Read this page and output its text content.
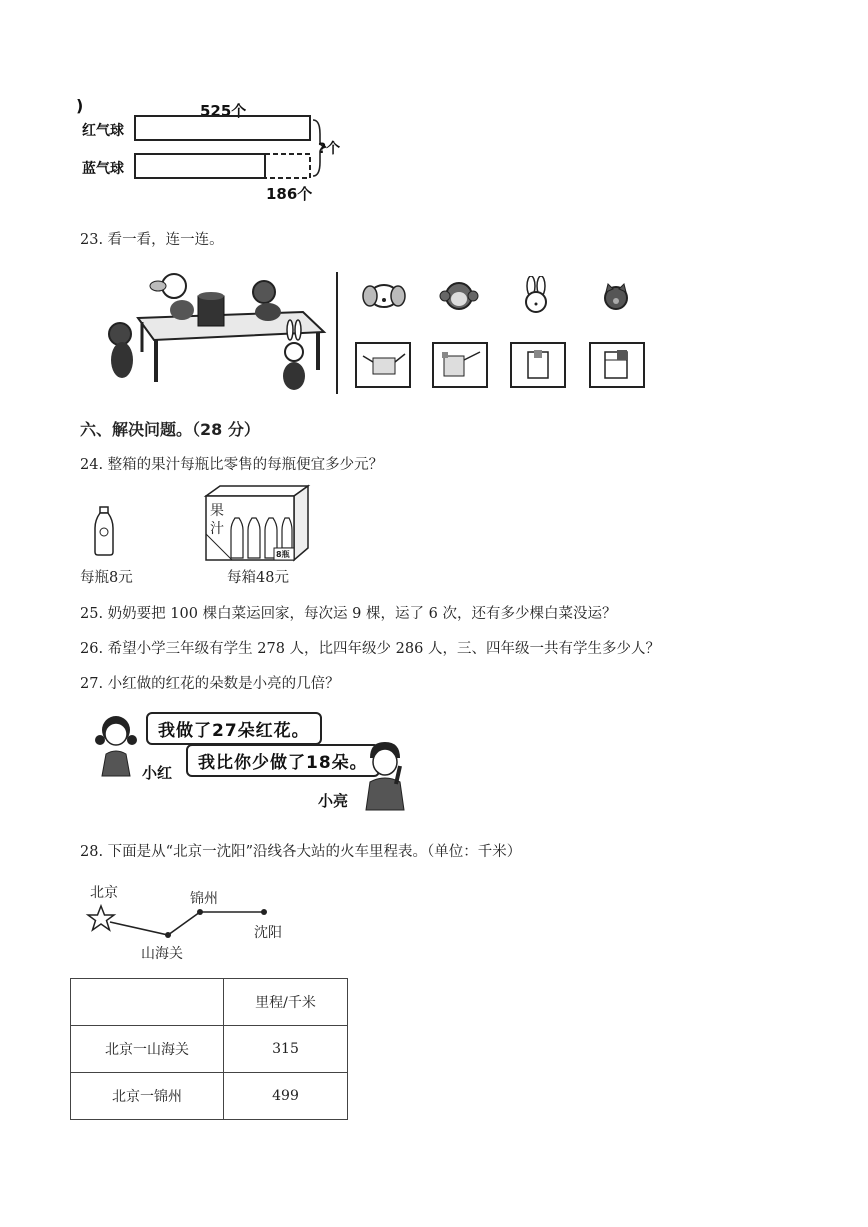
)	525个
红气球
蓝气球
?个
186个
23. 看一看，连一连。
六、解决问题。（28 分）
24. 整箱的果汁每瓶比零售的每瓶便宜多少元？
每瓶8元
果
汁
8瓶
每箱48元
25. 奶奶要把 100 棵白菜运回家，每次运 9 棵，运了 6 次，还有多少棵白菜没运？
26. 希望小学三年级有学生 278 人，比四年级少 286 人，三、四年级一共有学生多少人？
27. 小红做的红花的朵数是小亮的几倍？
我做了27朵红花。
我比你少做了18朵。
小红
小亮
28. 下面是从“北京一沈阳”沿线各大站的火车里程表。（单位：千米）
北京	锦州
沈阳
山海关
	里程/千米
北京一山海关	315
北京一锦州	499
